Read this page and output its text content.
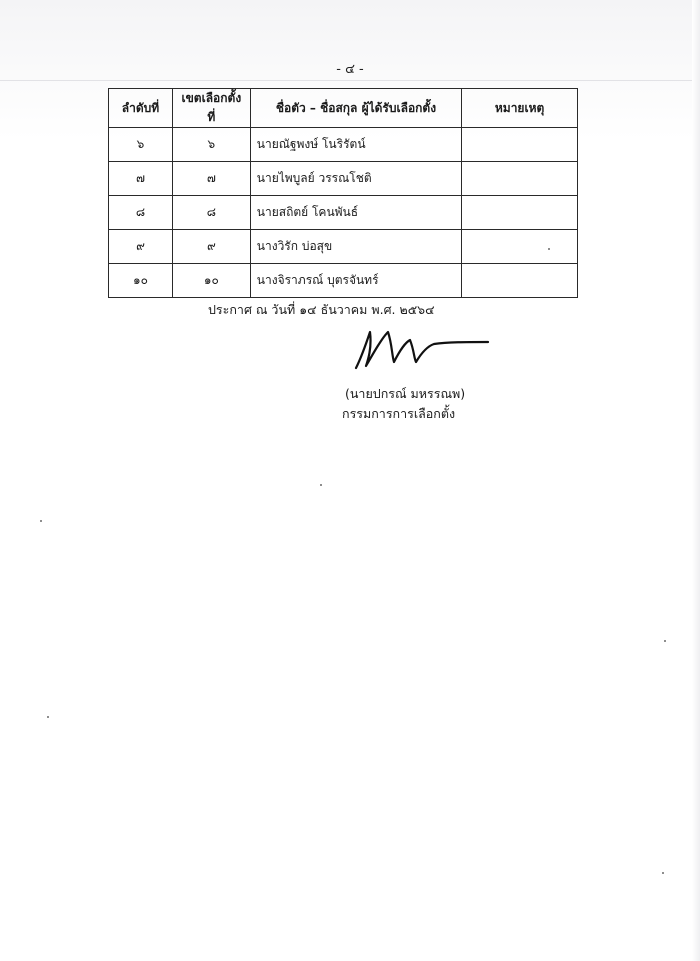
- ๔ -
ลำดับที่	เขตเลือกตั้งที่	ชื่อตัว – ชื่อสกุล ผู้ได้รับเลือกตั้ง	หมายเหตุ
๖	๖	นายณัฐพงษ์ โนริรัตน์	
๗	๗	นายไพบูลย์ วรรณโชติ	
๘	๘	นายสถิตย์ โคนพันธ์	
๙	๙	นางวิรัก บ่อสุข	
๑๐	๑๐	นางจิราภรณ์ บุตรจันทร์	
ประกาศ ณ วันที่ ๑๔ ธันวาคม พ.ศ. ๒๕๖๔
(นายปกรณ์ มหรรณพ)
กรรมการการเลือกตั้ง
